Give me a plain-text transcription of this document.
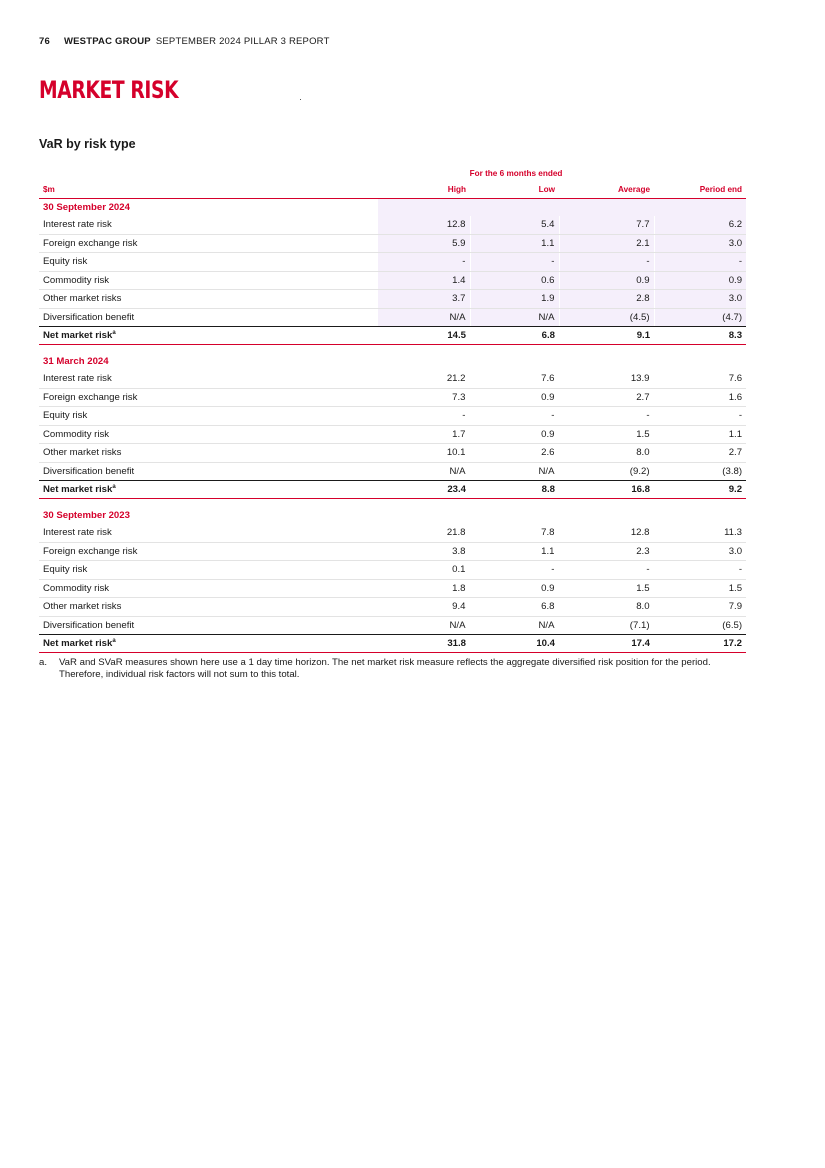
76 WESTPAC GROUP SEPTEMBER 2024 PILLAR 3 REPORT
MARKET RISK
VaR by risk type
	For the 6 months ended			
$m	High	Low	Average	Period end
30 September 2024				
Interest rate risk	12.8	5.4	7.7	6.2
Foreign exchange risk	5.9	1.1	2.1	3.0
Equity risk	-	-	-	-
Commodity risk	1.4	0.6	0.9	0.9
Other market risks	3.7	1.9	2.8	3.0
Diversification benefit	N/A	N/A	(4.5)	(4.7)
Net market risk$^a$	14.5	6.8	9.1	8.3

31 March 2024				
Interest rate risk	21.2	7.6	13.9	7.6
Foreign exchange risk	7.3	0.9	2.7	1.6
Equity risk	-	-	-	-
Commodity risk	1.7	0.9	1.5	1.1
Other market risks	10.1	2.6	8.0	2.7
Diversification benefit	N/A	N/A	(9.2)	(3.8)
Net market risk$^a$	23.4	8.8	16.8	9.2

30 September 2023				
Interest rate risk	21.8	7.8	12.8	11.3
Foreign exchange risk	3.8	1.1	2.3	3.0
Equity risk	0.1	-	-	-
Commodity risk	1.8	0.9	1.5	1.5
Other market risks	9.4	6.8	8.0	7.9
Diversification benefit	N/A	N/A	(7.1)	(6.5)
Net market risk$^a$	31.8	10.4	17.4	17.2
a.	VaR and SVaR measures shown here use a 1 day time horizon. The net market risk measure reflects the aggregate diversified risk position for the period. Therefore, individual risk factors will not sum to this total.
